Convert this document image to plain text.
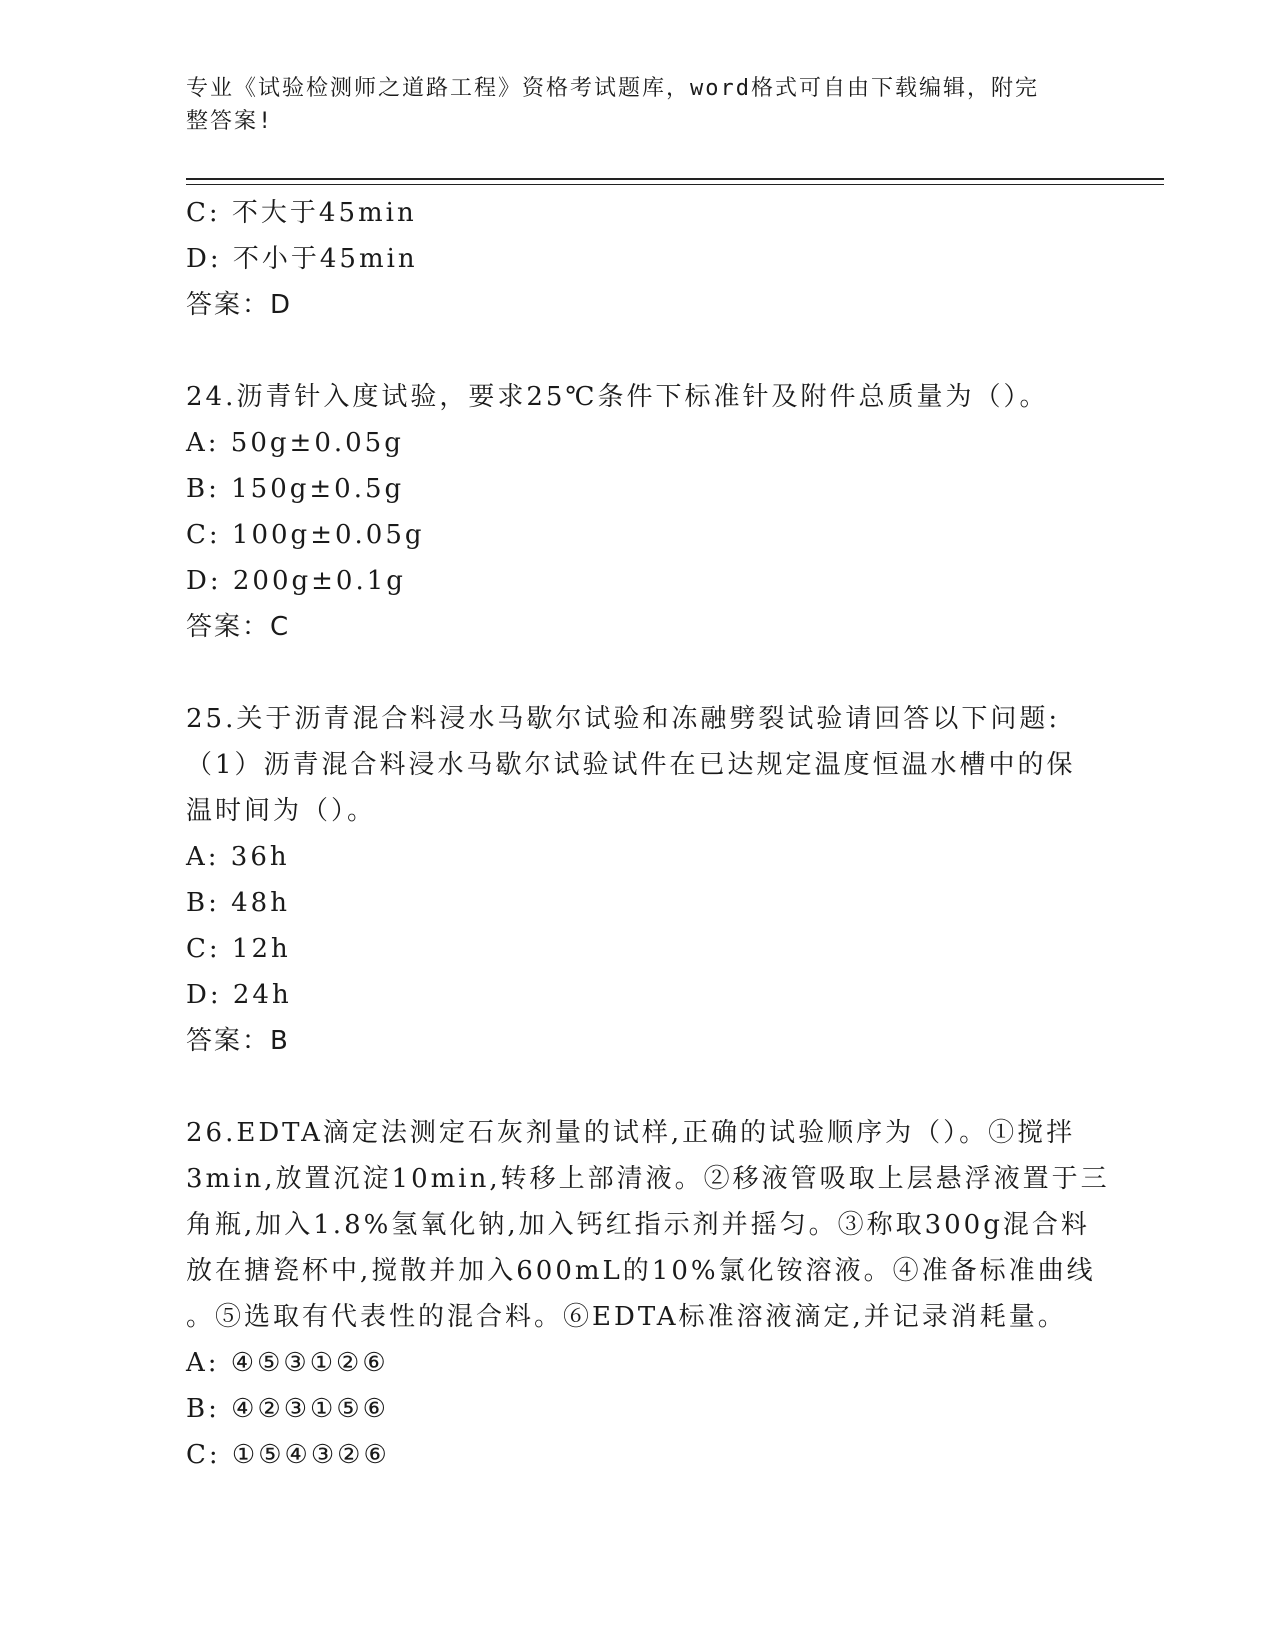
专业《试验检测师之道路工程》资格考试题库，word格式可自由下载编辑，附完
整答案!
C: 不大于45min
D: 不小于45min
答案：D
24.沥青针入度试验，要求25℃条件下标准针及附件总质量为（）。
A: 50g±0.05g
B: 150g±0.5g
C: 100g±0.05g
D: 200g±0.1g
答案：C
25.关于沥青混合料浸水马歇尔试验和冻融劈裂试验请回答以下问题:
（1）沥青混合料浸水马歇尔试验试件在已达规定温度恒温水槽中的保
温时间为（）。
A: 36h
B: 48h
C: 12h
D: 24h
答案：B
26.EDTA滴定法测定石灰剂量的试样,正确的试验顺序为（）。①搅拌
3min,放置沉淀10min,转移上部清液。②移液管吸取上层悬浮液置于三
角瓶,加入1.8%氢氧化钠,加入钙红指示剂并摇匀。③称取300g混合料
放在搪瓷杯中,搅散并加入600mL的10%氯化铵溶液。④准备标准曲线
。⑤选取有代表性的混合料。⑥EDTA标准溶液滴定,并记录消耗量。
A: ④⑤③①②⑥
B: ④②③①⑤⑥
C: ①⑤④③②⑥
